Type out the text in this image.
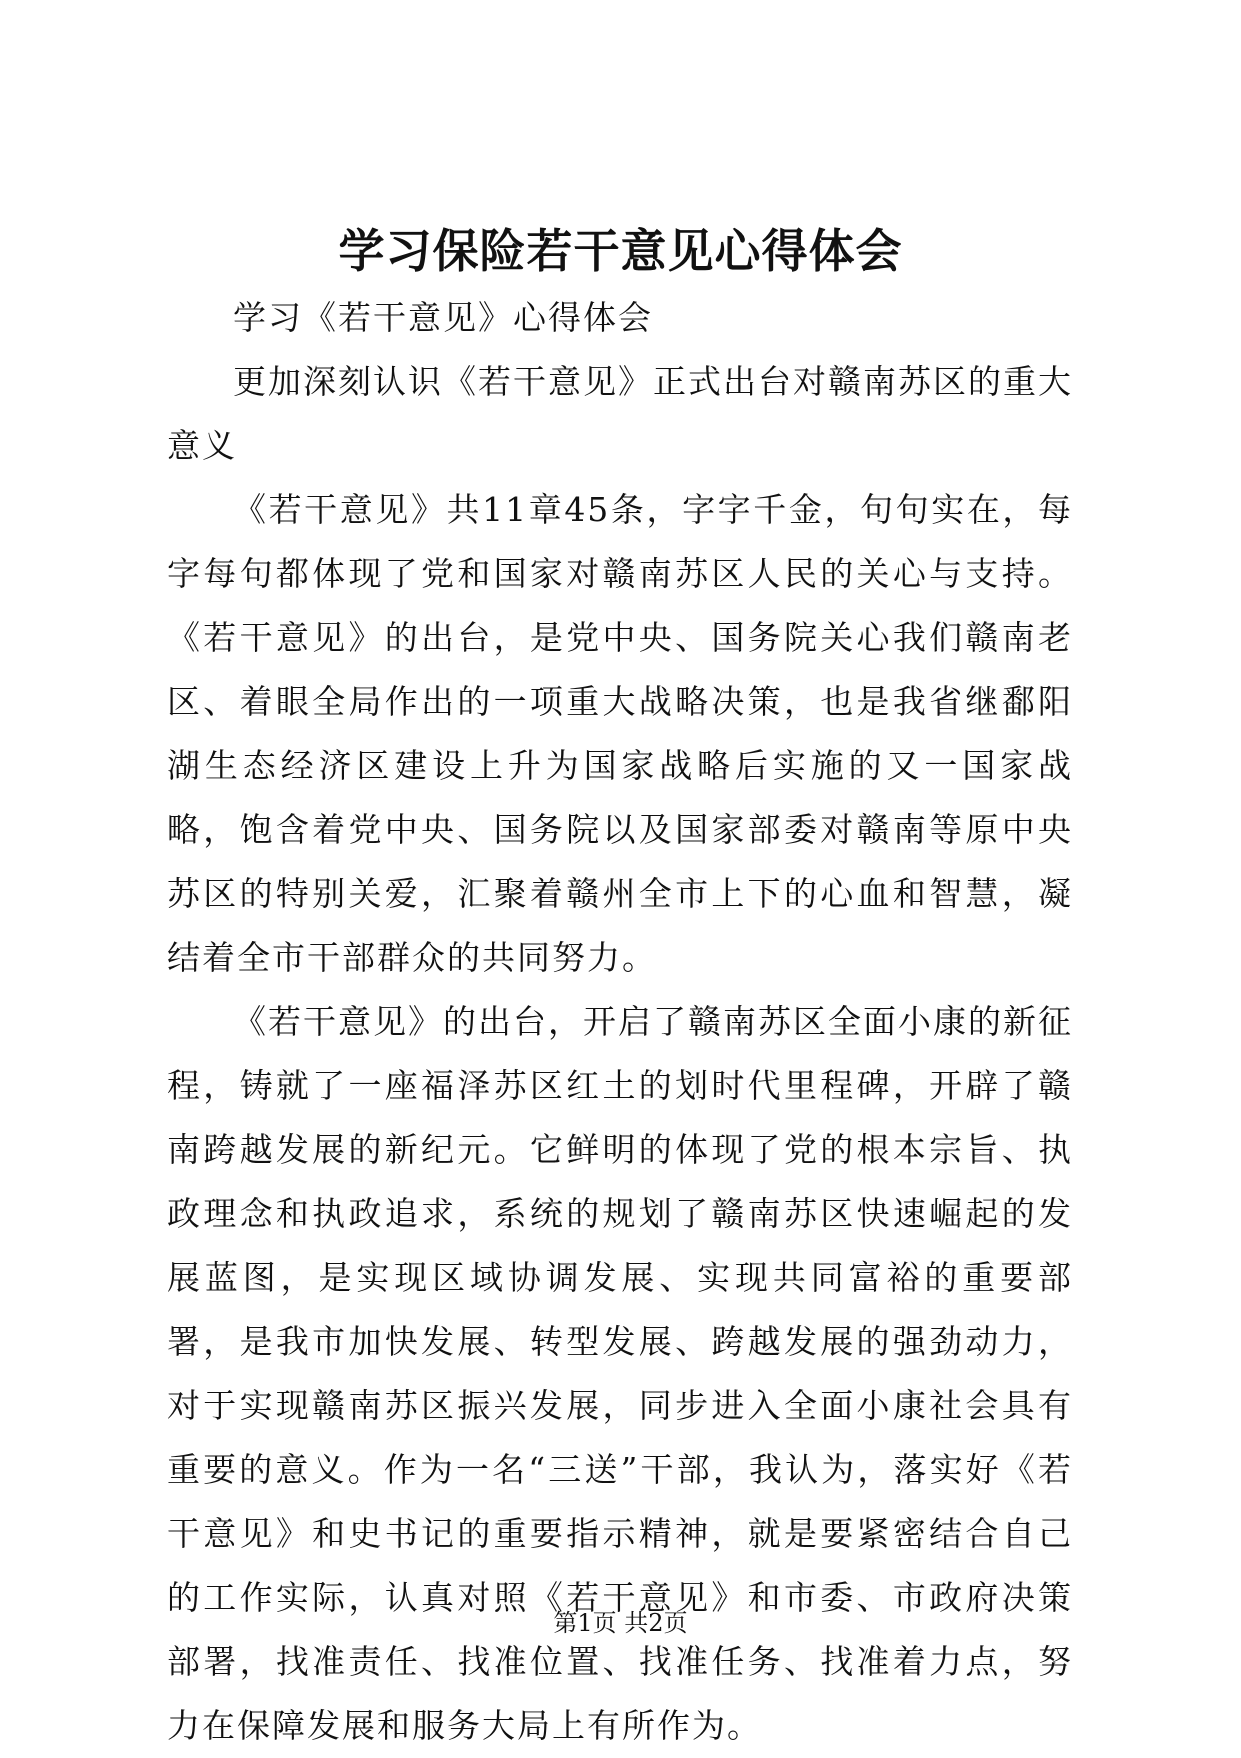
学习保险若干意见心得体会

学习《若干意见》心得体会

更加深刻认识《若干意见》正式出台对赣南苏区的重大意义

《若干意见》共11章45条，字字千金，句句实在，每字每句都体现了党和国家对赣南苏区人民的关心与支持。《若干意见》的出台，是党中央、国务院关心我们赣南老区、着眼全局作出的一项重大战略决策，也是我省继鄱阳湖生态经济区建设上升为国家战略后实施的又一国家战略，饱含着党中央、国务院以及国家部委对赣南等原中央苏区的特别关爱，汇聚着赣州全市上下的心血和智慧，凝结着全市干部群众的共同努力。

《若干意见》的出台，开启了赣南苏区全面小康的新征程，铸就了一座福泽苏区红土的划时代里程碑，开辟了赣南跨越发展的新纪元。它鲜明的体现了党的根本宗旨、执政理念和执政追求，系统的规划了赣南苏区快速崛起的发展蓝图，是实现区域协调发展、实现共同富裕的重要部署，是我市加快发展、转型发展、跨越发展的强劲动力，对于实现赣南苏区振兴发展，同步进入全面小康社会具有重要的意义。作为一名“三送”干部，我认为，落实好《若干意见》和史书记的重要指示精神，就是要紧密结合自己的工作实际，认真对照《若干意见》和市委、市政府决策部署，找准责任、找准位置、找准任务、找准着力点，努力在保障发展和服务大局上有所作为。

第1页 共2页
